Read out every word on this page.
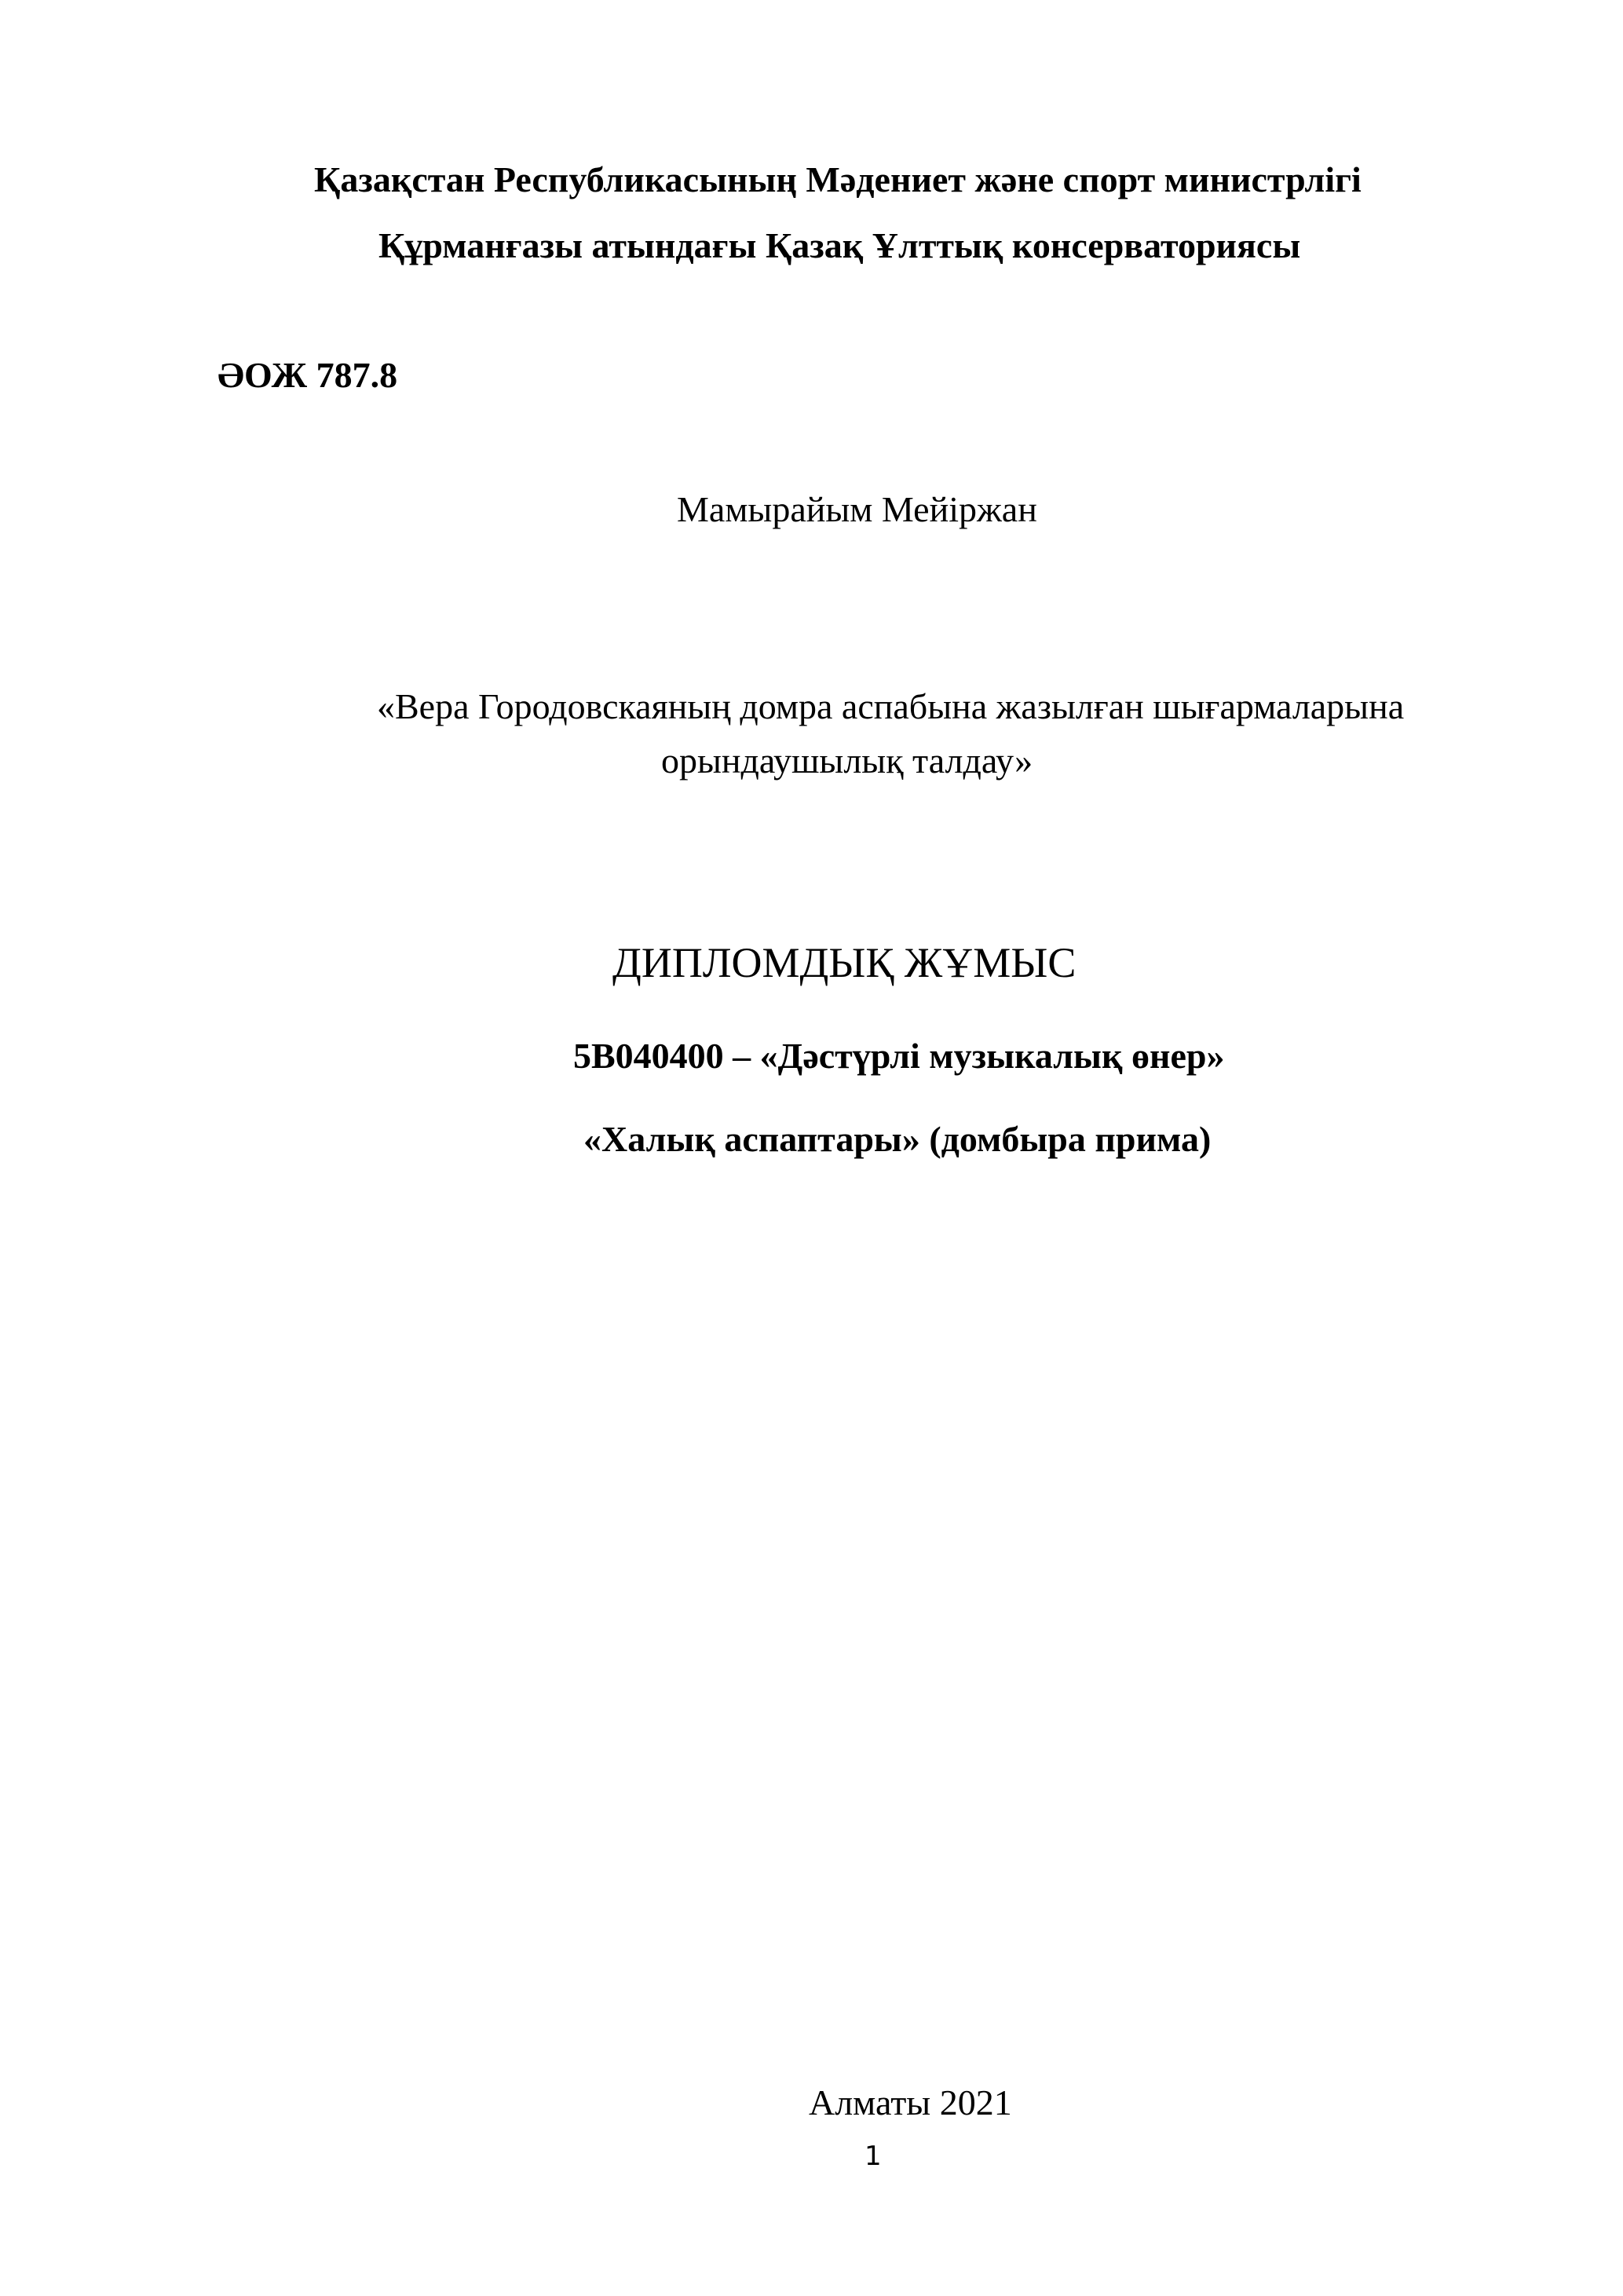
Қазақстан Республикасының Мәдениет және спорт министрлігі
Құрманғазы атындағы Қазақ Ұлттық консерваториясы
ӘОЖ 787.8
Мамырайым Мейіржан
«Вера Городовскаяның домра аспабына жазылған шығармаларына
орындаушылық талдау»
ДИПЛОМДЫҚ ЖҰМЫС
5В040400 – «Дәстүрлі музыкалық өнер»
«Халық аспаптары» (домбыра прима)
Алматы 2021
1
